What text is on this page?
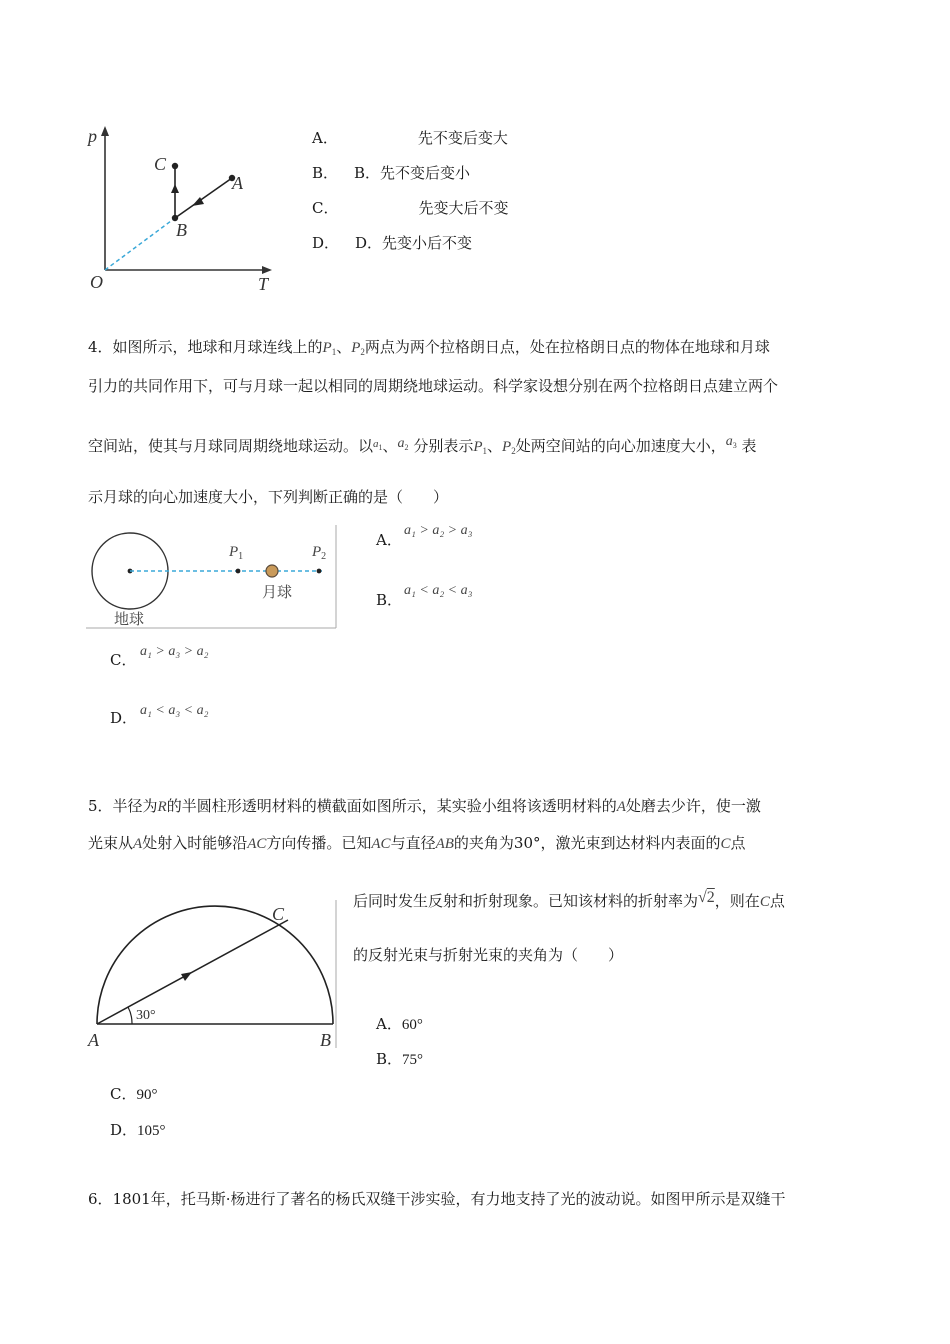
p
C
A
B
O	T
A．	先不变后变大
B． B．先不变后变小
C．	先变大后不变
D． D．先变小后不变
4．如图所示，地球和月球连线上的$P_1$、$P_2$两点为两个拉格朗日点，处在拉格朗日点的物体在地球和月球
引力的共同作用下，可与月球一起以相同的周期绕地球运动。科学家设想分别在两个拉格朗日点建立两个
空间站，使其与月球同周期绕地球运动。以$^{a_1}$、$a_2$ 分别表示$P_1$、$P_2$处两空间站的向心加速度大小，$a_3$ 表
示月球的向心加速度大小，下列判断正确的是（　　）
$P_1$	$P_2$
月球
地球
A．
a₁ > a₂ > a₃
B．
a₁ < a₂ < a₃
C． a₁ > a₃ > a₂
D． a₁ < a₃ < a₂
5．半径为R的半圆柱形透明材料的横截面如图所示，某实验小组将该透明材料的A处磨去少许，使一激
光束从A处射入时能够沿AC方向传播。已知AC与直径AB的夹角为30°，激光束到达材料内表面的C点
后同时发生反射和折射现象。已知该材料的折射率为√2，则在C点
的反射光束与折射光束的夹角为（　　）
30°
A	B
C
A．60°
B．75°
C．90°
D．105°
6．1801年，托马斯·杨进行了著名的杨氏双缝干涉实验，有力地支持了光的波动说。如图甲所示是双缝干
